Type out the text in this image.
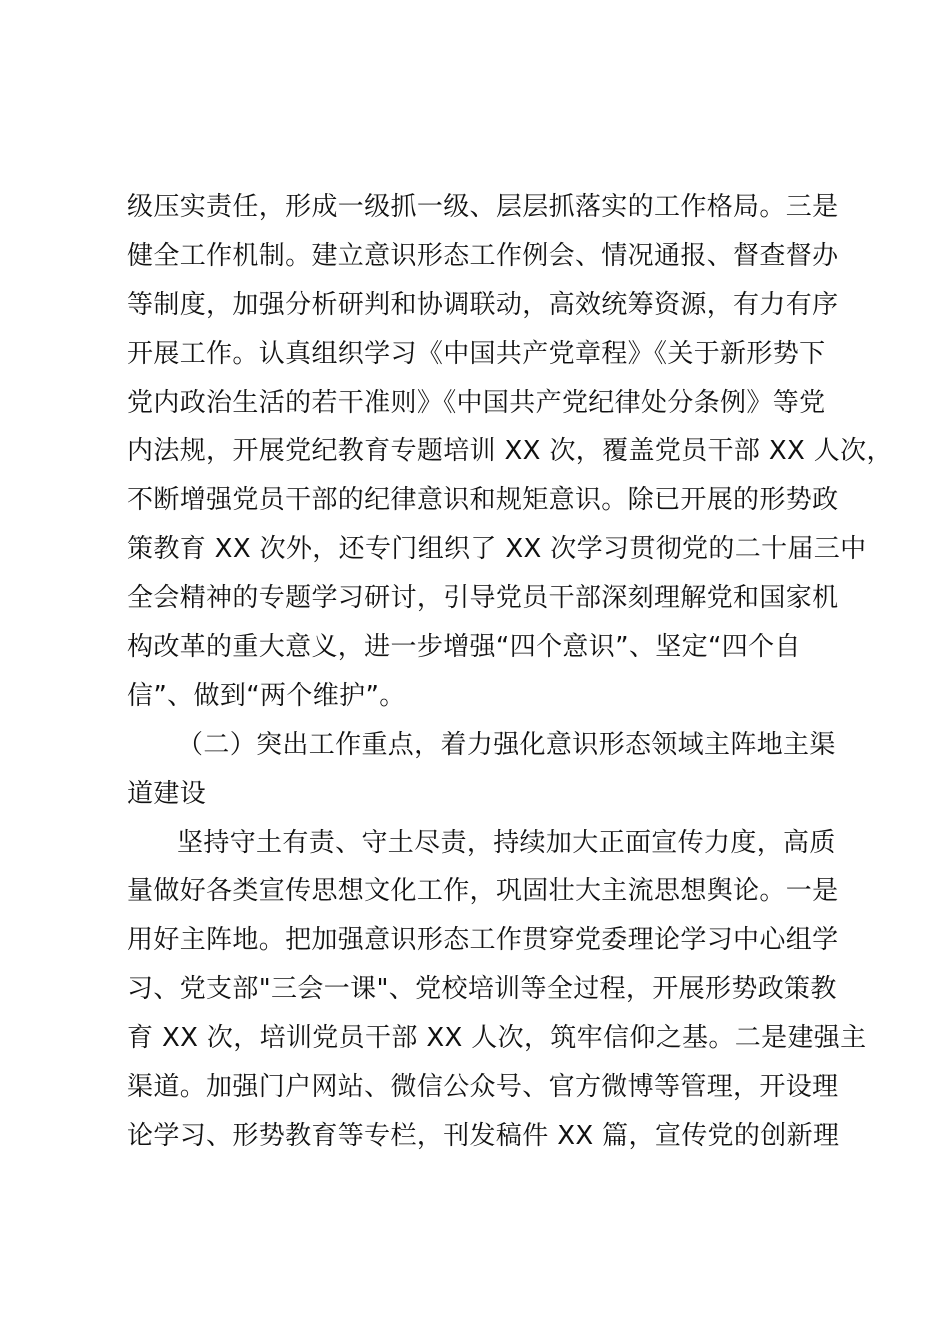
级压实责任，形成一级抓一级、层层抓落实的工作格局。三是
健全工作机制。建立意识形态工作例会、情况通报、督查督办
等制度，加强分析研判和协调联动，高效统筹资源，有力有序
开展工作。认真组织学习《中国共产党章程》《关于新形势下
党内政治生活的若干准则》《中国共产党纪律处分条例》等党
内法规，开展党纪教育专题培训 XX 次，覆盖党员干部 XX 人次，
不断增强党员干部的纪律意识和规矩意识。除已开展的形势政
策教育 XX 次外，还专门组织了 XX 次学习贯彻党的二十届三中
全会精神的专题学习研讨，引导党员干部深刻理解党和国家机
构改革的重大意义，进一步增强“四个意识”、坚定“四个自
信”、做到“两个维护”。
（二）突出工作重点，着力强化意识形态领域主阵地主渠
道建设
坚持守土有责、守土尽责，持续加大正面宣传力度，高质
量做好各类宣传思想文化工作，巩固壮大主流思想舆论。一是
用好主阵地。把加强意识形态工作贯穿党委理论学习中心组学
习、党支部"三会一课"、党校培训等全过程，开展形势政策教
育 XX 次，培训党员干部 XX 人次，筑牢信仰之基。二是建强主
渠道。加强门户网站、微信公众号、官方微博等管理，开设理
论学习、形势教育等专栏，刊发稿件 XX 篇，宣传党的创新理
